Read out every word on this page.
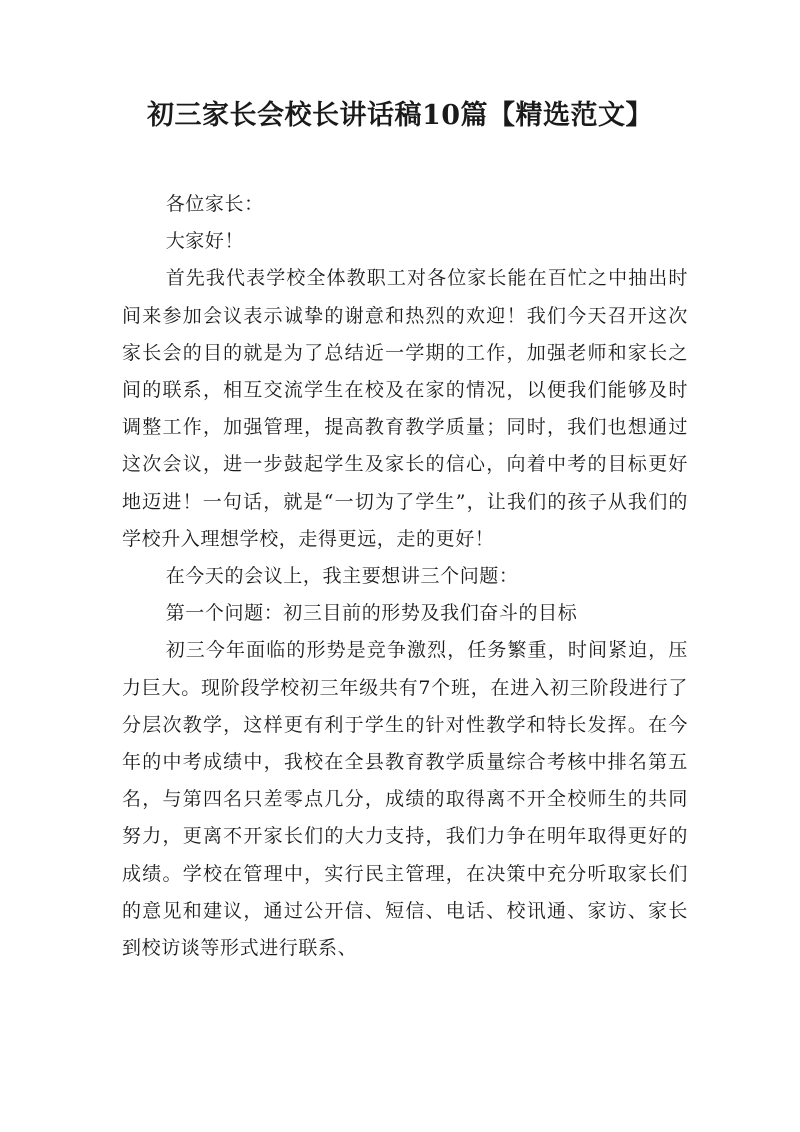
初三家长会校长讲话稿10篇【精选范文】

各位家长：

大家好！

首先我代表学校全体教职工对各位家长能在百忙之中抽出时间来参加会议表示诚挚的谢意和热烈的欢迎！我们今天召开这次家长会的目的就是为了总结近一学期的工作，加强老师和家长之间的联系，相互交流学生在校及在家的情况，以便我们能够及时调整工作，加强管理，提高教育教学质量；同时，我们也想通过这次会议，进一步鼓起学生及家长的信心，向着中考的目标更好地迈进！一句话，就是“一切为了学生”，让我们的孩子从我们的学校升入理想学校，走得更远，走的更好！

在今天的会议上，我主要想讲三个问题：

第一个问题：初三目前的形势及我们奋斗的目标

初三今年面临的形势是竞争激烈，任务繁重，时间紧迫，压力巨大。现阶段学校初三年级共有7个班，在进入初三阶段进行了分层次教学，这样更有利于学生的针对性教学和特长发挥。在今年的中考成绩中，我校在全县教育教学质量综合考核中排名第五名，与第四名只差零点几分，成绩的取得离不开全校师生的共同努力，更离不开家长们的大力支持，我们力争在明年取得更好的成绩。学校在管理中，实行民主管理，在决策中充分听取家长们的意见和建议，通过公开信、短信、电话、校讯通、家访、家长到校访谈等形式进行联系、
